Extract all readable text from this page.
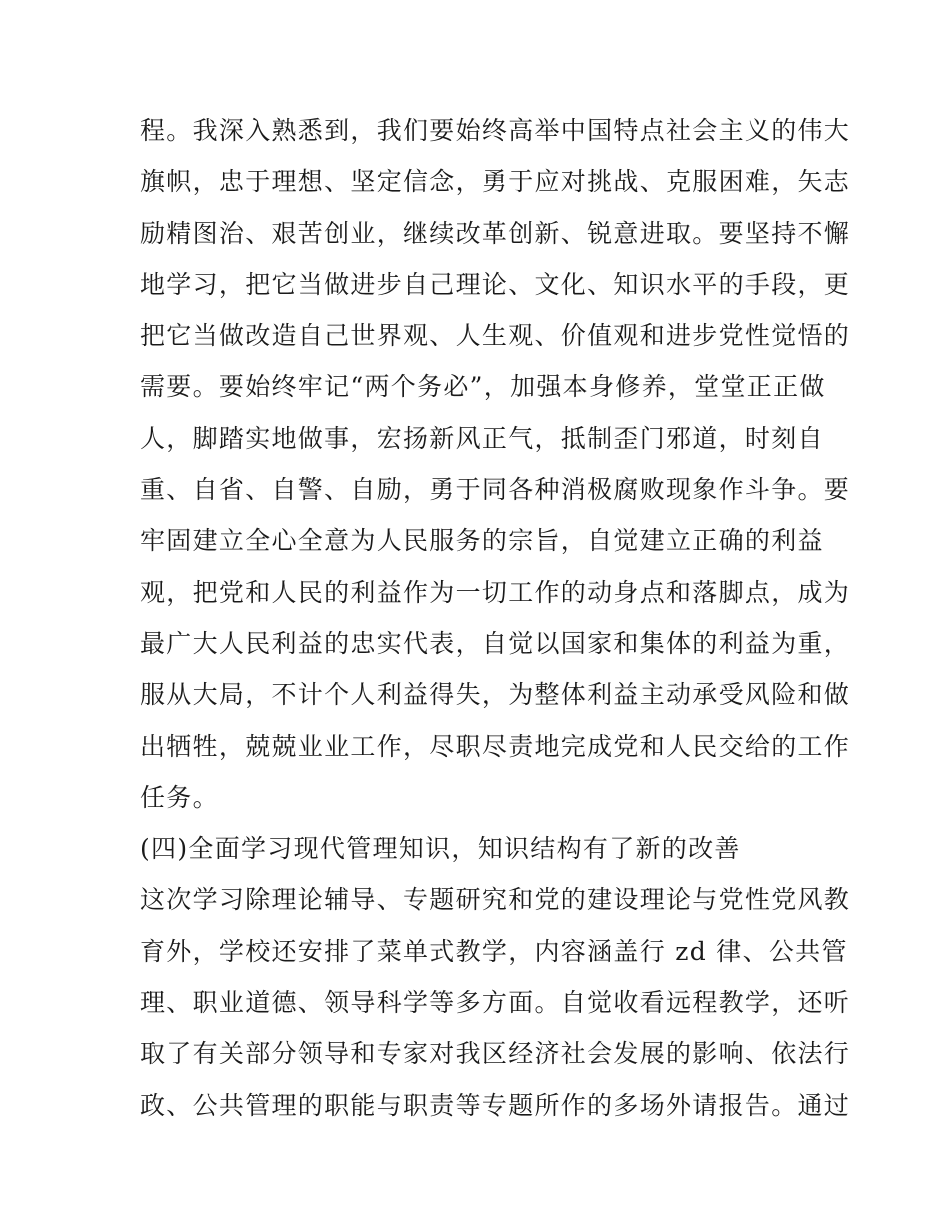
程。我深入熟悉到，我们要始终高举中国特点社会主义的伟大
旗帜，忠于理想、坚定信念，勇于应对挑战、克服困难，矢志
励精图治、艰苦创业，继续改革创新、锐意进取。要坚持不懈
地学习，把它当做进步自己理论、文化、知识水平的手段，更
把它当做改造自己世界观、人生观、价值观和进步党性觉悟的
需要。要始终牢记“两个务必”，加强本身修养，堂堂正正做
人，脚踏实地做事，宏扬新风正气，抵制歪门邪道，时刻自
重、自省、自警、自励，勇于同各种消极腐败现象作斗争。要
牢固建立全心全意为人民服务的宗旨，自觉建立正确的利益
观，把党和人民的利益作为一切工作的动身点和落脚点，成为
最广大人民利益的忠实代表，自觉以国家和集体的利益为重，
服从大局，不计个人利益得失，为整体利益主动承受风险和做
出牺牲，兢兢业业工作，尽职尽责地完成党和人民交给的工作
任务。
(四)全面学习现代管理知识，知识结构有了新的改善
这次学习除理论辅导、专题研究和党的建设理论与党性党风教
育外，学校还安排了菜单式教学，内容涵盖行 zd 律、公共管
理、职业道德、领导科学等多方面。自觉收看远程教学，还听
取了有关部分领导和专家对我区经济社会发展的影响、依法行
政、公共管理的职能与职责等专题所作的多场外请报告。通过
